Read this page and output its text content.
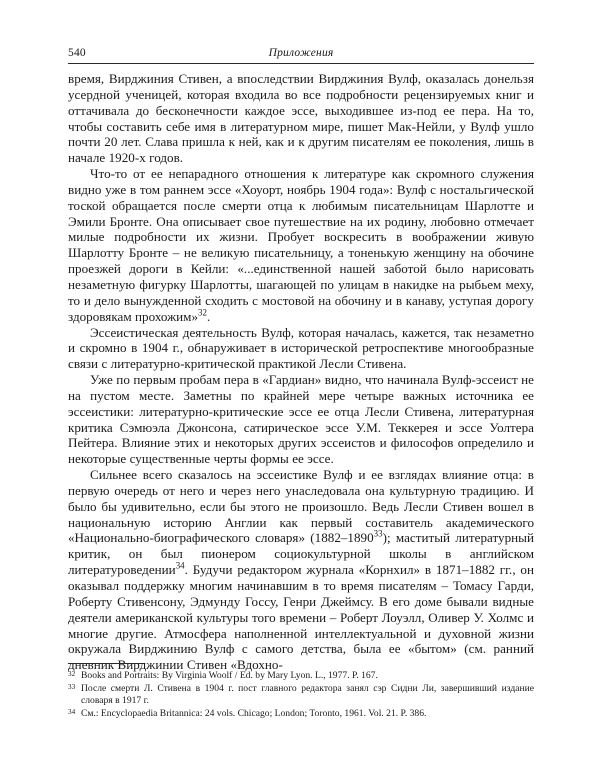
540	Приложения

время, Вирджиния Стивен, а впоследствии Вирджиния Вулф, оказалась донельзя усердной ученицей, которая входила во все подробности рецензируемых книг и оттачивала до бесконечности каждое эссе, выходившее из-под ее пера. На то, чтобы составить себе имя в литературном мире, пишет Мак-Нейли, у Вулф ушло почти 20 лет. Слава пришла к ней, как и к другим писателям ее поколения, лишь в начале 1920-х годов.

Что-то от ее непарадного отношения к литературе как скромного служения видно уже в том раннем эссе «Хоуорт, ноябрь 1904 года»: Вулф с ностальгической тоской обращается после смерти отца к любимым писательницам Шарлотте и Эмили Бронте. Она описывает свое путешествие на их родину, любовно отмечает милые подробности их жизни. Пробует воскресить в воображении живую Шарлотту Бронте – не великую писательницу, а тоненькую женщину на обочине проезжей дороги в Кейли: «...единственной нашей заботой было нарисовать незаметную фигурку Шарлотты, шагающей по улицам в накидке на рыбьем меху, то и дело вынужденной сходить с мостовой на обочину и в канаву, уступая дорогу здоровякам прохожим»$^{32}$.

Эссеистическая деятельность Вулф, которая началась, кажется, так незаметно и скромно в 1904 г., обнаруживает в исторической ретроспективе многообразные связи с литературно-критической практикой Лесли Стивена.

Уже по первым пробам пера в «Гардиан» видно, что начинала Вулф-эссеист не на пустом месте. Заметны по крайней мере четыре важных источника ее эссеистики: литературно-критические эссе ее отца Лесли Стивена, литературная критика Сэмюэла Джонсона, сатирическое эссе У.М. Теккерея и эссе Уолтера Пейтера. Влияние этих и некоторых других эссеистов и философов определило и некоторые существенные черты формы ее эссе.

Сильнее всего сказалось на эссеистике Вулф и ее взглядах влияние отца: в первую очередь от него и через него унаследовала она культурную традицию. И было бы удивительно, если бы этого не произошло. Ведь Лесли Стивен вошел в национальную историю Англии как первый составитель академического «Национально-биографического словаря» (1882–1890$^{33}$); маститый литературный критик, он был пионером социокультурной школы в английском литературоведении$^{34}$. Будучи редактором журнала «Корнхил» в 1871–1882 гг., он оказывал поддержку многим начинавшим в то время писателям – Томасу Гарди, Роберту Стивенсону, Эдмунду Госсу, Генри Джеймсу. В его доме бывали видные деятели американской культуры того времени – Роберт Лоуэлл, Оливер У. Холмс и многие другие. Атмосфера наполненной интеллектуальной и духовной жизни окружала Вирджинию Вулф с самого детства, была ее «бытом» (см. ранний дневник Вирджинии Стивен «Вдохно-

32 Books and Portraits: By Virginia Woolf / Ed. by Mary Lyon. L., 1977. P. 167.

33 После смерти Л. Стивена в 1904 г. пост главного редактора занял сэр Сидни Ли, завершивший издание словаря в 1917 г.

34 См.: Encyclopaedia Britannica: 24 vols. Chicago; London; Toronto, 1961. Vol. 21. P. 386.
